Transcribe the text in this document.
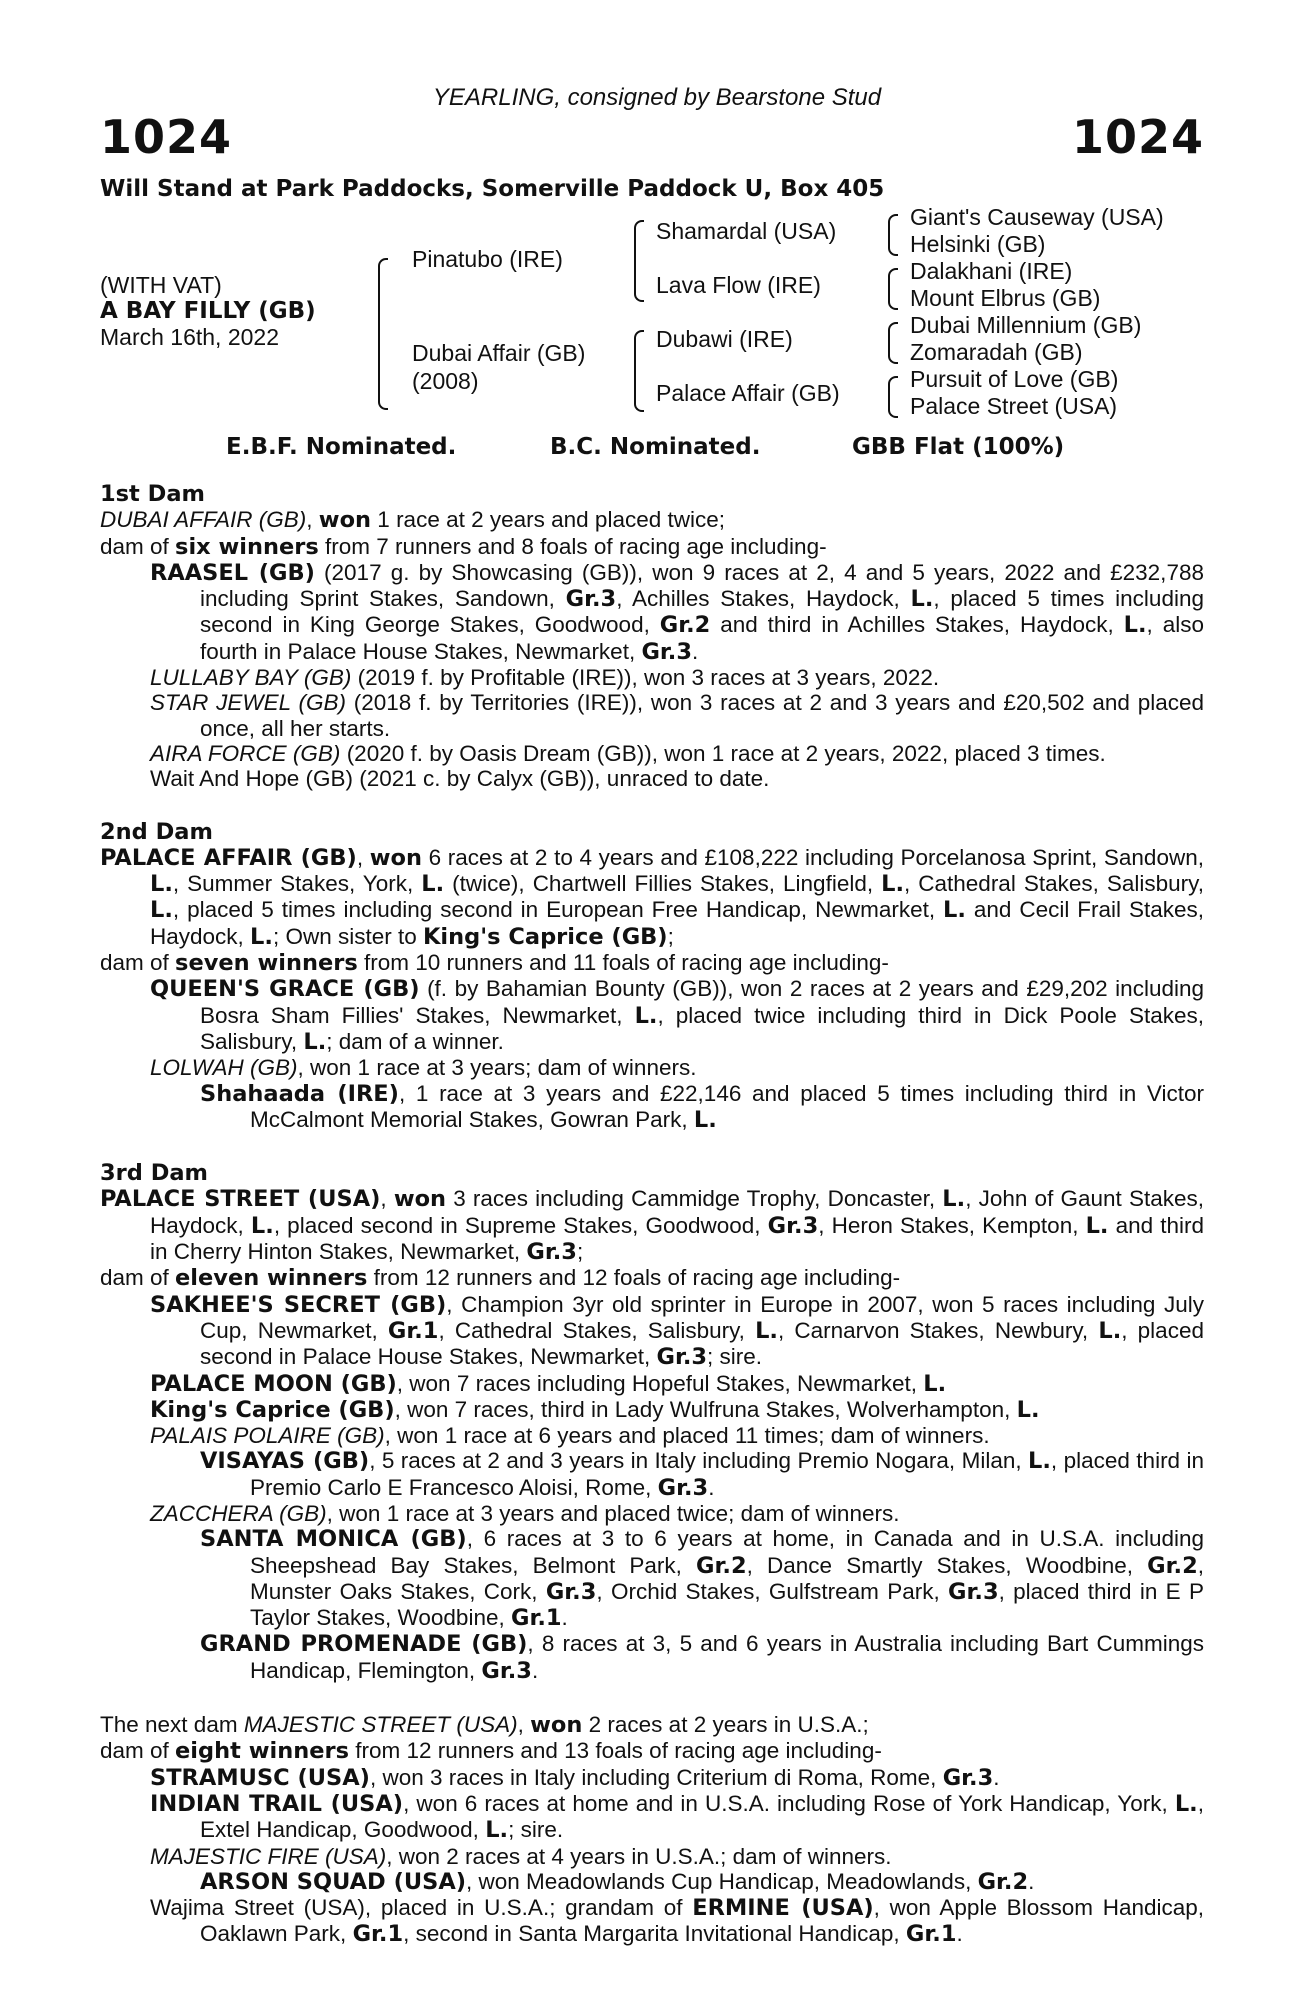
YEARLING, consigned by Bearstone Stud
1024	1024
Will Stand at Park Paddocks, Somerville Paddock U, Box 405
(WITH VAT)
A BAY FILLY (GB)
March 16th, 2022
Pinatubo (IRE)
Dubai Affair (GB)
(2008)
Shamardal (USA)
Lava Flow (IRE)
Dubawi (IRE)
Palace Affair (GB)
Giant's Causeway (USA)
Helsinki (GB)
Dalakhani (IRE)
Mount Elbrus (GB)
Dubai Millennium (GB)
Zomaradah (GB)
Pursuit of Love (GB)
Palace Street (USA)
E.B.F. Nominated.	B.C. Nominated.	GBB Flat (100%)
1st Dam
DUBAI AFFAIR (GB), won 1 race at 2 years and placed twice;
dam of six winners from 7 runners and 8 foals of racing age including-
RAASEL (GB) (2017 g. by Showcasing (GB)), won 9 races at 2, 4 and 5 years, 2022 and £232,788 including Sprint Stakes, Sandown, Gr.3, Achilles Stakes, Haydock, L., placed 5 times including second in King George Stakes, Goodwood, Gr.2 and third in Achilles Stakes, Haydock, L., also fourth in Palace House Stakes, Newmarket, Gr.3.
LULLABY BAY (GB) (2019 f. by Profitable (IRE)), won 3 races at 3 years, 2022.
STAR JEWEL (GB) (2018 f. by Territories (IRE)), won 3 races at 2 and 3 years and £20,502 and placed once, all her starts.
AIRA FORCE (GB) (2020 f. by Oasis Dream (GB)), won 1 race at 2 years, 2022, placed 3 times.
Wait And Hope (GB) (2021 c. by Calyx (GB)), unraced to date.
2nd Dam
PALACE AFFAIR (GB), won 6 races at 2 to 4 years and £108,222 including Porcelanosa Sprint, Sandown, L., Summer Stakes, York, L. (twice), Chartwell Fillies Stakes, Lingfield, L., Cathedral Stakes, Salisbury, L., placed 5 times including second in European Free Handicap, Newmarket, L. and Cecil Frail Stakes, Haydock, L.; Own sister to King's Caprice (GB);
dam of seven winners from 10 runners and 11 foals of racing age including-
QUEEN'S GRACE (GB) (f. by Bahamian Bounty (GB)), won 2 races at 2 years and £29,202 including Bosra Sham Fillies' Stakes, Newmarket, L., placed twice including third in Dick Poole Stakes, Salisbury, L.; dam of a winner.
LOLWAH (GB), won 1 race at 3 years; dam of winners.
Shahaada (IRE), 1 race at 3 years and £22,146 and placed 5 times including third in Victor McCalmont Memorial Stakes, Gowran Park, L.
3rd Dam
PALACE STREET (USA), won 3 races including Cammidge Trophy, Doncaster, L., John of Gaunt Stakes, Haydock, L., placed second in Supreme Stakes, Goodwood, Gr.3, Heron Stakes, Kempton, L. and third in Cherry Hinton Stakes, Newmarket, Gr.3;
dam of eleven winners from 12 runners and 12 foals of racing age including-
SAKHEE'S SECRET (GB), Champion 3yr old sprinter in Europe in 2007, won 5 races including July Cup, Newmarket, Gr.1, Cathedral Stakes, Salisbury, L., Carnarvon Stakes, Newbury, L., placed second in Palace House Stakes, Newmarket, Gr.3; sire.
PALACE MOON (GB), won 7 races including Hopeful Stakes, Newmarket, L.
King's Caprice (GB), won 7 races, third in Lady Wulfruna Stakes, Wolverhampton, L.
PALAIS POLAIRE (GB), won 1 race at 6 years and placed 11 times; dam of winners.
VISAYAS (GB), 5 races at 2 and 3 years in Italy including Premio Nogara, Milan, L., placed third in Premio Carlo E Francesco Aloisi, Rome, Gr.3.
ZACCHERA (GB), won 1 race at 3 years and placed twice; dam of winners.
SANTA MONICA (GB), 6 races at 3 to 6 years at home, in Canada and in U.S.A. including Sheepshead Bay Stakes, Belmont Park, Gr.2, Dance Smartly Stakes, Woodbine, Gr.2, Munster Oaks Stakes, Cork, Gr.3, Orchid Stakes, Gulfstream Park, Gr.3, placed third in E P Taylor Stakes, Woodbine, Gr.1.
GRAND PROMENADE (GB), 8 races at 3, 5 and 6 years in Australia including Bart Cummings Handicap, Flemington, Gr.3.
The next dam MAJESTIC STREET (USA), won 2 races at 2 years in U.S.A.;
dam of eight winners from 12 runners and 13 foals of racing age including-
STRAMUSC (USA), won 3 races in Italy including Criterium di Roma, Rome, Gr.3.
INDIAN TRAIL (USA), won 6 races at home and in U.S.A. including Rose of York Handicap, York, L., Extel Handicap, Goodwood, L.; sire.
MAJESTIC FIRE (USA), won 2 races at 4 years in U.S.A.; dam of winners.
ARSON SQUAD (USA), won Meadowlands Cup Handicap, Meadowlands, Gr.2.
Wajima Street (USA), placed in U.S.A.; grandam of ERMINE (USA), won Apple Blossom Handicap, Oaklawn Park, Gr.1, second in Santa Margarita Invitational Handicap, Gr.1.
